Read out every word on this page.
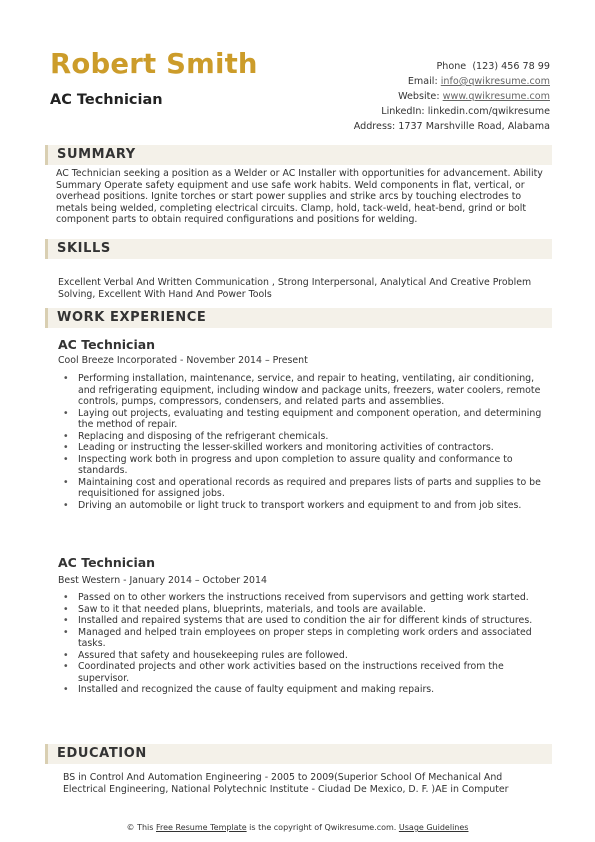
Robert Smith
AC Technician
Phone (123) 456 78 99
Email: info@qwikresume.com
Website: www.qwikresume.com
LinkedIn: linkedin.com/qwikresume
Address: 1737 Marshville Road, Alabama
SUMMARY
AC Technician seeking a position as a Welder or AC Installer with opportunities for advancement. Ability Summary Operate safety equipment and use safe work habits. Weld components in flat, vertical, or overhead positions. Ignite torches or start power supplies and strike arcs by touching electrodes to metals being welded, completing electrical circuits. Clamp, hold, tack-weld, heat-bend, grind or bolt component parts to obtain required configurations and positions for welding.
SKILLS
Excellent Verbal And Written Communication , Strong Interpersonal, Analytical And Creative Problem Solving, Excellent With Hand And Power Tools
WORK EXPERIENCE
AC Technician
Cool Breeze Incorporated - November 2014 – Present
• Performing installation, maintenance, service, and repair to heating, ventilating, air conditioning, and refrigerating equipment, including window and package units, freezers, water coolers, remote controls, pumps, compressors, condensers, and related parts and assemblies.
• Laying out projects, evaluating and testing equipment and component operation, and determining the method of repair.
• Replacing and disposing of the refrigerant chemicals.
• Leading or instructing the lesser-skilled workers and monitoring activities of contractors.
• Inspecting work both in progress and upon completion to assure quality and conformance to standards.
• Maintaining cost and operational records as required and prepares lists of parts and supplies to be requisitioned for assigned jobs.
• Driving an automobile or light truck to transport workers and equipment to and from job sites.
AC Technician
Best Western - January 2014 – October 2014
• Passed on to other workers the instructions received from supervisors and getting work started.
• Saw to it that needed plans, blueprints, materials, and tools are available.
• Installed and repaired systems that are used to condition the air for different kinds of structures.
• Managed and helped train employees on proper steps in completing work orders and associated tasks.
• Assured that safety and housekeeping rules are followed.
• Coordinated projects and other work activities based on the instructions received from the supervisor.
• Installed and recognized the cause of faulty equipment and making repairs.
EDUCATION
BS in Control And Automation Engineering - 2005 to 2009(Superior School Of Mechanical And Electrical Engineering, National Polytechnic Institute - Ciudad De Mexico, D. F. )AE in Computer
© This Free Resume Template is the copyright of Qwikresume.com. Usage Guidelines
